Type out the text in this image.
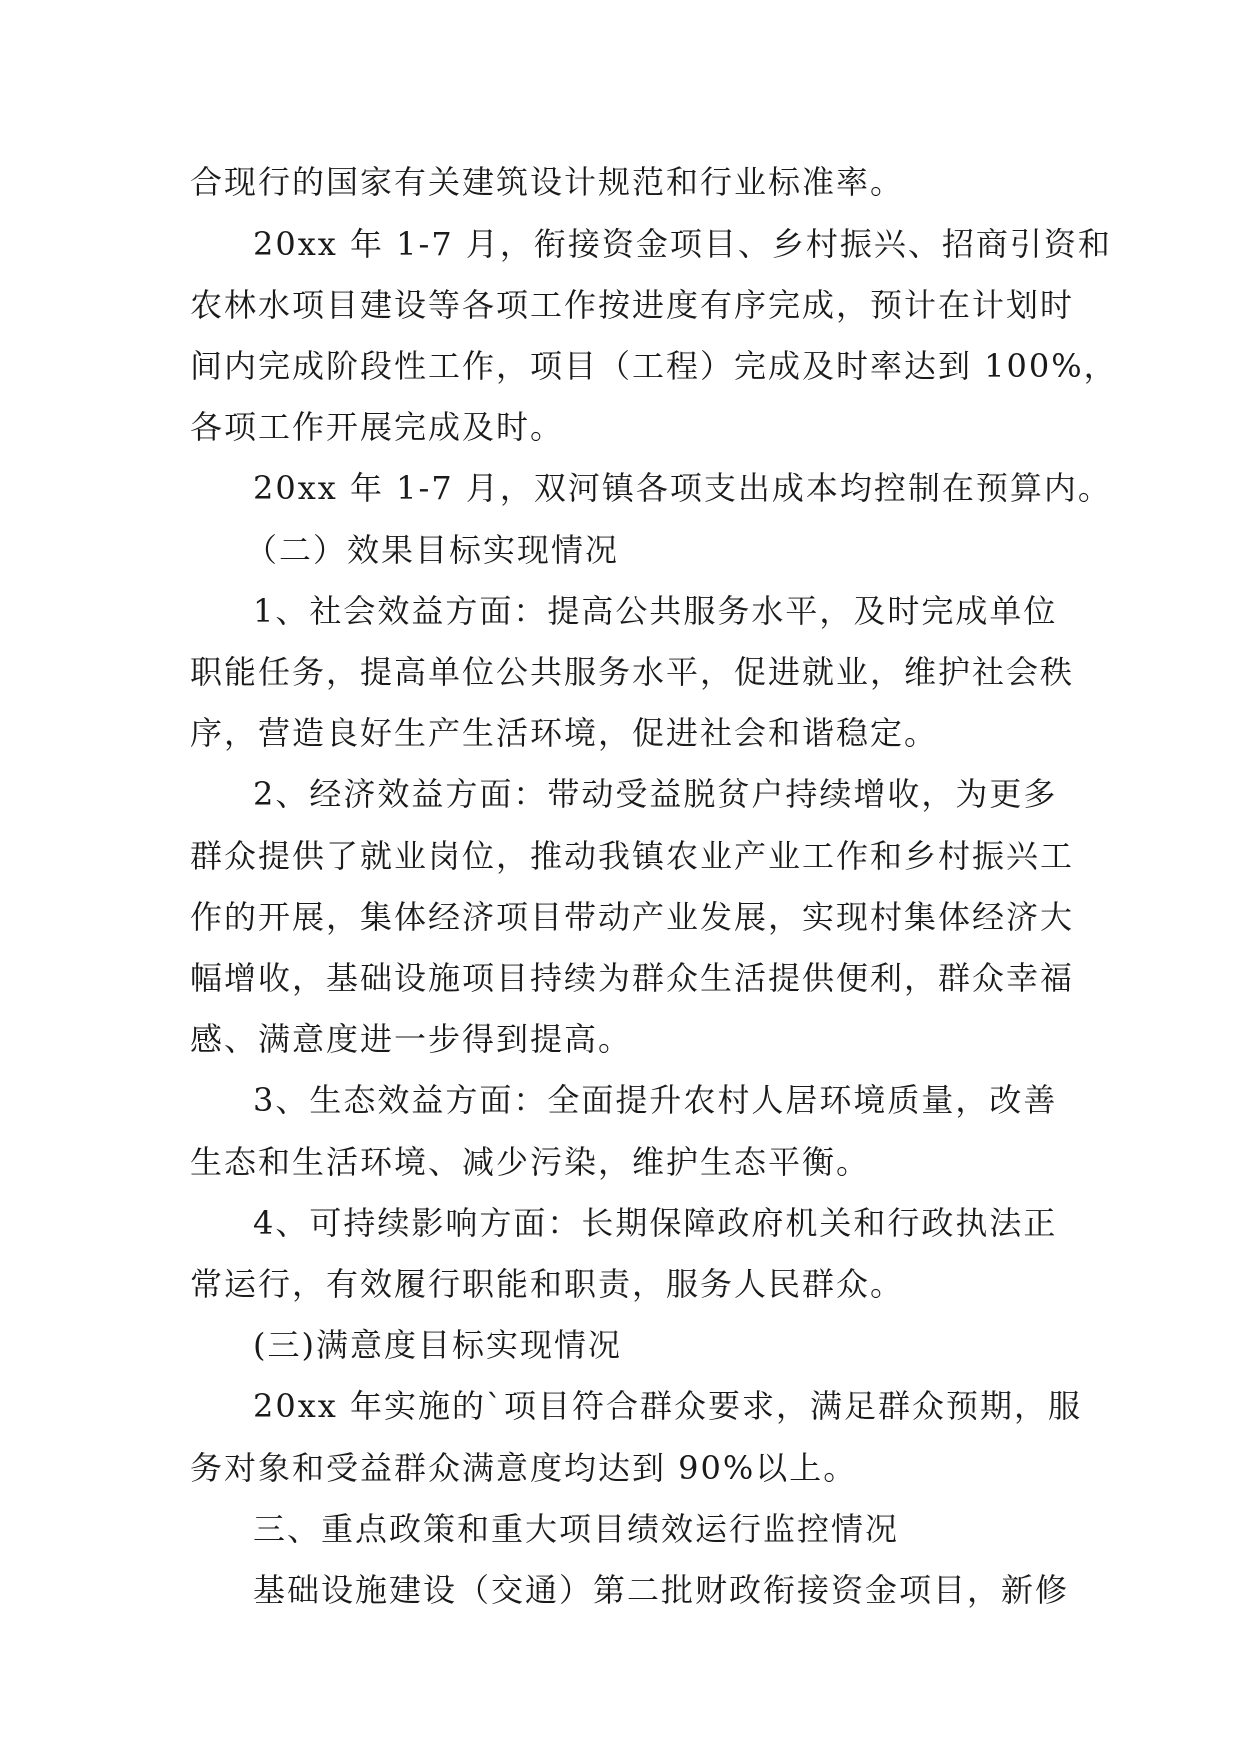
合现行的国家有关建筑设计规范和行业标准率。
20xx 年 1-7 月，衔接资金项目、乡村振兴、招商引资和
农林水项目建设等各项工作按进度有序完成，预计在计划时
间内完成阶段性工作，项目（工程）完成及时率达到 100%，
各项工作开展完成及时。
20xx 年 1-7 月，双河镇各项支出成本均控制在预算内。
（二）效果目标实现情况
1、社会效益方面：提高公共服务水平，及时完成单位
职能任务，提高单位公共服务水平，促进就业，维护社会秩
序，营造良好生产生活环境，促进社会和谐稳定。
2、经济效益方面：带动受益脱贫户持续增收，为更多
群众提供了就业岗位，推动我镇农业产业工作和乡村振兴工
作的开展，集体经济项目带动产业发展，实现村集体经济大
幅增收，基础设施项目持续为群众生活提供便利，群众幸福
感、满意度进一步得到提高。
3、生态效益方面：全面提升农村人居环境质量，改善
生态和生活环境、减少污染，维护生态平衡。
4、可持续影响方面：长期保障政府机关和行政执法正
常运行，有效履行职能和职责，服务人民群众。
(三)满意度目标实现情况
20xx 年实施的`项目符合群众要求，满足群众预期，服
务对象和受益群众满意度均达到 90%以上。
三、重点政策和重大项目绩效运行监控情况
基础设施建设（交通）第二批财政衔接资金项目，新修
